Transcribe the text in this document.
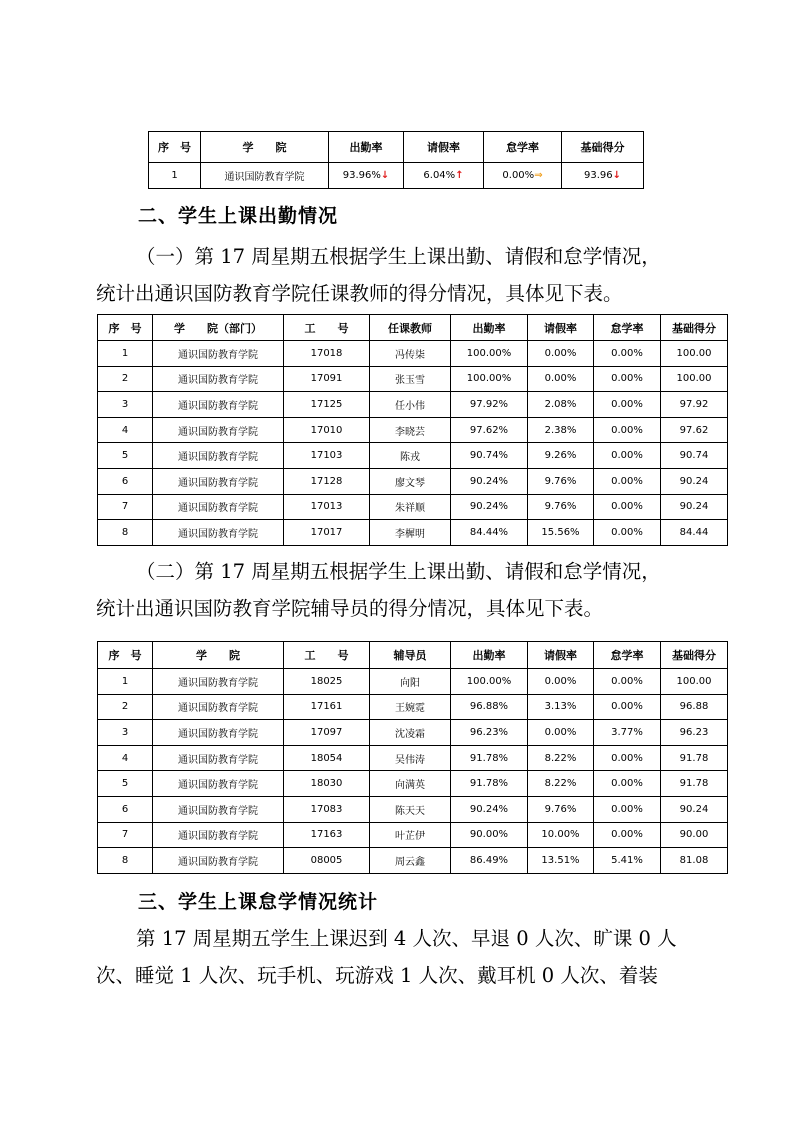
序　号	学　　院	出勤率	请假率	怠学率	基础得分
1	通识国防教育学院	93.96%↓	6.04%↑	0.00%⇒	93.96↓
二、学生上课出勤情况
（一）第 17 周星期五根据学生上课出勤、请假和怠学情况，
统计出通识国防教育学院任课教师的得分情况，具体见下表。
序　号	学　　院（部门）	工　　号	任课教师	出勤率	请假率	怠学率	基础得分
1	通识国防教育学院	17018	冯传柒	100.00%	0.00%	0.00%	100.00
2	通识国防教育学院	17091	张玉雪	100.00%	0.00%	0.00%	100.00
3	通识国防教育学院	17125	任小伟	97.92%	2.08%	0.00%	97.92
4	通识国防教育学院	17010	李晓芸	97.62%	2.38%	0.00%	97.62
5	通识国防教育学院	17103	陈戎	90.74%	9.26%	0.00%	90.74
6	通识国防教育学院	17128	廖文琴	90.24%	9.76%	0.00%	90.24
7	通识国防教育学院	17013	朱祥顺	90.24%	9.76%	0.00%	90.24
8	通识国防教育学院	17017	李樨明	84.44%	15.56%	0.00%	84.44
（二）第 17 周星期五根据学生上课出勤、请假和怠学情况，
统计出通识国防教育学院辅导员的得分情况，具体见下表。
序　号	学　　院	工　　号	辅导员	出勤率	请假率	怠学率	基础得分
1	通识国防教育学院	18025	向阳	100.00%	0.00%	0.00%	100.00
2	通识国防教育学院	17161	王婉霓	96.88%	3.13%	0.00%	96.88
3	通识国防教育学院	17097	沈凌霜	96.23%	0.00%	3.77%	96.23
4	通识国防教育学院	18054	吴伟涛	91.78%	8.22%	0.00%	91.78
5	通识国防教育学院	18030	向满英	91.78%	8.22%	0.00%	91.78
6	通识国防教育学院	17083	陈天天	90.24%	9.76%	0.00%	90.24
7	通识国防教育学院	17163	叶芷伊	90.00%	10.00%	0.00%	90.00
8	通识国防教育学院	08005	周云鑫	86.49%	13.51%	5.41%	81.08
三、学生上课怠学情况统计
第 17 周星期五学生上课迟到 4 人次、早退 0 人次、旷课 0 人
次、睡觉 1 人次、玩手机、玩游戏 1 人次、戴耳机 0 人次、着装
